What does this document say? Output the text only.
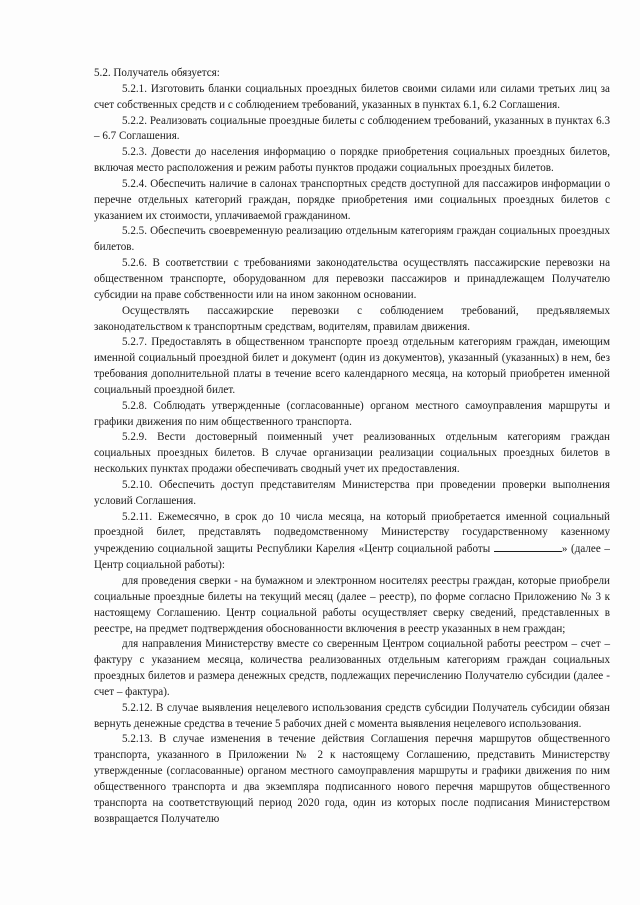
5.2. Получатель обязуется:

5.2.1. Изготовить бланки социальных проездных билетов своими силами или силами третьих лиц за счет собственных средств и с соблюдением требований, указанных в пунктах 6.1, 6.2 Соглашения.

5.2.2. Реализовать социальные проездные билеты с соблюдением требований, указанных в пунктах 6.3 – 6.7 Соглашения.

5.2.3. Довести до населения информацию о порядке приобретения социальных проездных билетов, включая место расположения и режим работы пунктов продажи социальных проездных билетов.

5.2.4. Обеспечить наличие в салонах транспортных средств доступной для пассажиров информации о перечне отдельных категорий граждан, порядке приобретения ими социальных проездных билетов с указанием их стоимости, уплачиваемой гражданином.

5.2.5. Обеспечить своевременную реализацию отдельным категориям граждан социальных проездных билетов.

5.2.6. В соответствии с требованиями законодательства осуществлять пассажирские перевозки на общественном транспорте, оборудованном для перевозки пассажиров и принадлежащем Получателю субсидии на праве собственности или на ином законном основании.

Осуществлять пассажирские перевозки с соблюдением требований, предъявляемых законодательством к транспортным средствам, водителям, правилам движения.

5.2.7. Предоставлять в общественном транспорте проезд отдельным категориям граждан, имеющим именной социальный проездной билет и документ (один из документов), указанный (указанных) в нем, без требования дополнительной платы в течение всего календарного месяца, на который приобретен именной социальный проездной билет.

5.2.8. Соблюдать утвержденные (согласованные) органом местного самоуправления маршруты и графики движения по ним общественного транспорта.

5.2.9. Вести достоверный поименный учет реализованных отдельным категориям граждан социальных проездных билетов. В случае организации реализации социальных проездных билетов в нескольких пунктах продажи обеспечивать сводный учет их предоставления.

5.2.10. Обеспечить доступ представителям Министерства при проведении проверки выполнения условий Соглашения.

5.2.11. Ежемесячно, в срок до 10 числа месяца, на который приобретается именной социальный проездной билет, представлять подведомственному Министерству государственному казенному учреждению социальной защиты Республики Карелия «Центр социальной работы	» (далее – Центр социальной работы):

для проведения сверки - на бумажном и электронном носителях реестры граждан, которые приобрели социальные проездные билеты на текущий месяц (далее – реестр), по форме согласно Приложению № 3 к настоящему Соглашению. Центр социальной работы осуществляет сверку сведений, представленных в реестре, на предмет подтверждения обоснованности включения в реестр указанных в нем граждан;

для направления Министерству вместе со сверенным Центром социальной работы реестром – счет – фактуру с указанием месяца, количества реализованных отдельным категориям граждан социальных проездных билетов и размера денежных средств, подлежащих перечислению Получателю субсидии (далее - счет – фактура).

5.2.12. В случае выявления нецелевого использования средств субсидии Получатель субсидии обязан вернуть денежные средства в течение 5 рабочих дней с момента выявления нецелевого использования.

5.2.13. В случае изменения в течение действия Соглашения перечня маршрутов общественного транспорта, указанного в Приложении № 2 к настоящему Соглашению, представить Министерству утвержденные (согласованные) органом местного самоуправления маршруты и графики движения по ним общественного транспорта и два экземпляра подписанного нового перечня маршрутов общественного транспорта на соответствующий период 2020 года, один из которых после подписания Министерством возвращается Получателю
